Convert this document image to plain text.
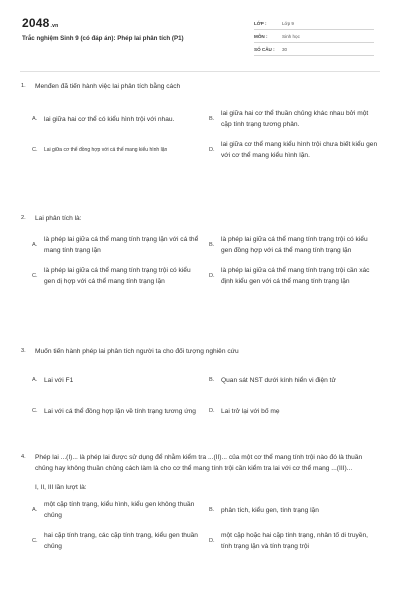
2048.vn
Trắc nghiệm Sinh 9 (có đáp án): Phép lai phân tích (P1)
LỚP :	Lớp 9
MÔN :	Sinh học
SỐ CÂU :	30
1.	Menđen đã tiến hành việc lai phân tích bằng cách
A.	lai giữa hai cơ thể có kiểu hình trội với nhau.	B.
lai giữa hai cơ thể thuần chủng khác nhau bởi một cặp tính trạng tương phản.
C.	Lai giữa cơ thể đồng hợp với cá thể mang kiểu hình lặn	D.
lai giữa cơ thể mang kiểu hình trội chưa biết kiểu gen với cơ thể mang kiểu hình lặn.
2.	Lai phân tích là:
A.
là phép lai giữa cá thể mang tính trạng lặn với cá thể mang tính trạng lặn
B.
là phép lai giữa cá thể mang tính trạng trội có kiểu gen đồng hợp với cá thể mang tính trạng lặn
C.
là phép lai giữa cá thể mang tính trạng trội có kiểu gen dị hợp với cá thể mang tính trạng lặn
D.
là phép lai giữa cá thể mang tính trạng trội cần xác định kiểu gen với cá thể mang tính trạng lặn
3.	Muốn tiến hành phép lai phân tích người ta cho đối tượng nghiên cứu
A.	Lai với F1	B.	Quan sát NST dưới kính hiển vi điện tử
C. Lai với cá thể đồng hợp lặn về tính trạng tương ứng	D. Lai trở lại với bố mẹ
4.	Phép lai ...(I)... là phép lai được sử dụng để nhằm kiểm tra ...(II)... của một cơ thể mang tính trội nào đó là thuần chủng hay không thuần chủng cách làm là cho cơ thể mang tính trội cần kiểm tra lai với cơ thể mang ...(III)...
I, II, III lần lượt là:
A.
một cặp tính trạng, kiểu hình, kiểu gen không thuần chủng
B.	phân tích, kiểu gen, tính trạng lặn
C.
hai cặp tính trạng, các cặp tính trạng, kiểu gen thuần chủng
D.
một cặp hoặc hai cặp tính trạng, nhân tố di truyền, tính trạng lặn và tính trạng trội
